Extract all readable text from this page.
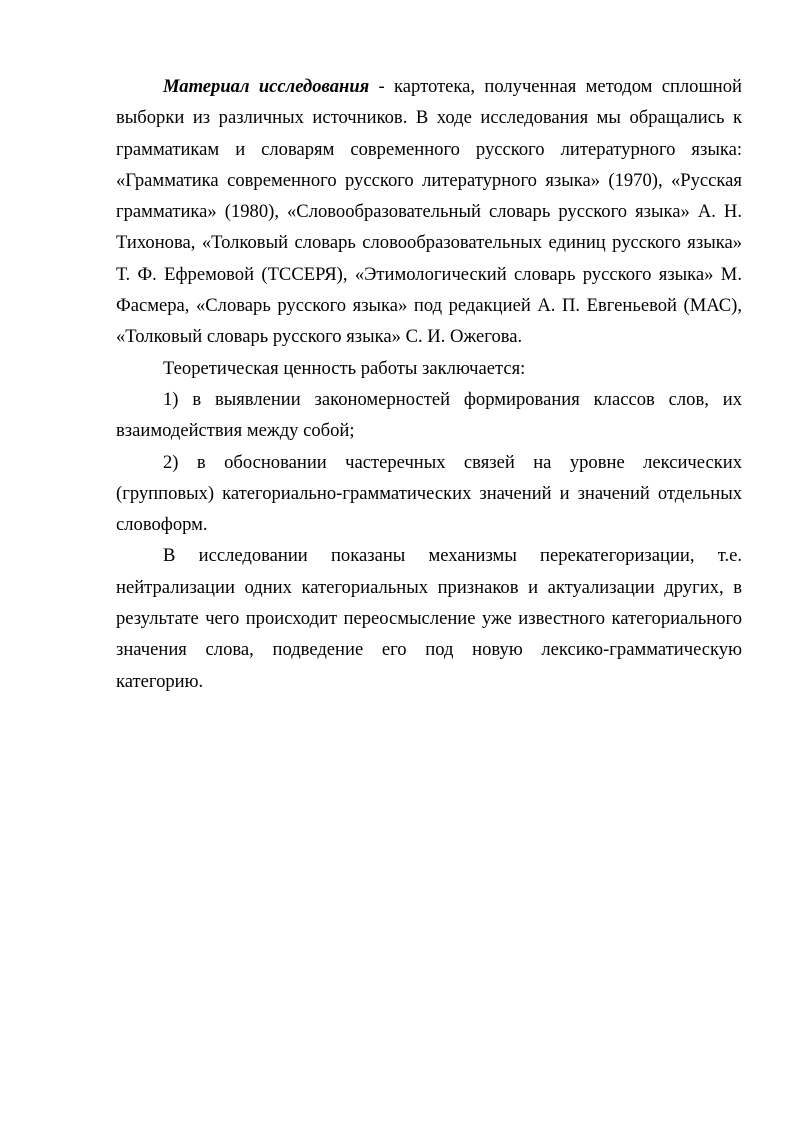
Материал исследования - картотека, полученная методом сплошной выборки из различных источников. В ходе исследования мы обращались к грамматикам и словарям современного русского литературного языка: «Грамматика современного русского литературного языка» (1970), «Русская грамматика» (1980), «Словообразовательный словарь русского языка» А. Н. Тихонова, «Толковый словарь словообразовательных единиц русского языка» Т. Ф. Ефремовой (ТССЕРЯ), «Этимологический словарь русского языка» М. Фасмера, «Словарь русского языка» под редакцией А. П. Евгеньевой (МАС), «Толковый словарь русского языка» С. И. Ожегова.

Теоретическая ценность работы заключается:

1) в выявлении закономерностей формирования классов слов, их взаимодействия между собой;

2) в обосновании частеречных связей на уровне лексических (групповых) категориально-грамматических значений и значений отдельных словоформ.

В исследовании показаны механизмы перекатегоризации, т.е. нейтрализации одних категориальных признаков и актуализации других, в результате чего происходит переосмысление уже известного категориального значения слова, подведение его под новую лексико-грамматическую категорию.
